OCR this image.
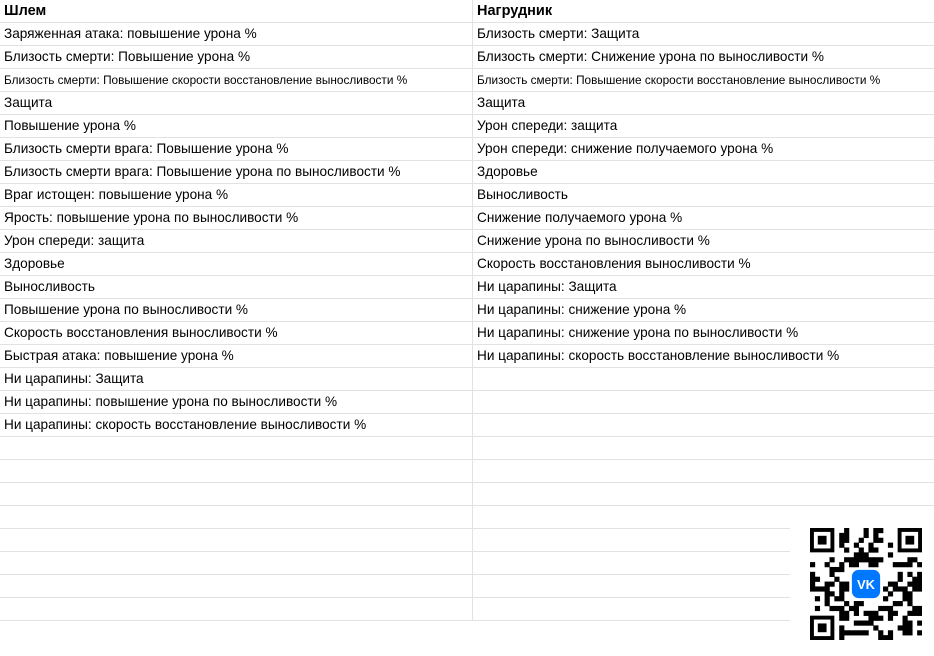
Шлем	Нагрудник
Заряженная атака: повышение урона %	Близость смерти: Защита
Близость смерти: Повышение урона %	Близость смерти: Снижение урона по выносливости %
Близость смерти: Повышение скорости восстановление выносливости %	Близость смерти: Повышение скорости восстановление выносливости %
Защита	Защита
Повышение урона %	Урон спереди: защита
Близость смерти врага: Повышение урона %	Урон спереди: снижение получаемого урона %
Близость смерти врага: Повышение урона по выносливости %	Здоровье
Враг истощен: повышение урона %	Выносливость
Ярость: повышение урона по выносливости %	Снижение получаемого урона %
Урон спереди: защита	Снижение урона по выносливости %
Здоровье	Скорость восстановления выносливости %
Выносливость	Ни царапины: Защита
Повышение урона по выносливости %	Ни царапины: снижение урона %
Скорость восстановления выносливости %	Ни царапины: снижение урона по выносливости %
Быстрая атака: повышение урона %	Ни царапины: скорость восстановление выносливости %
Ни царапины: Защита
Ни царапины: повышение урона по выносливости %
Ни царапины: скорость восстановление выносливости %
VK
